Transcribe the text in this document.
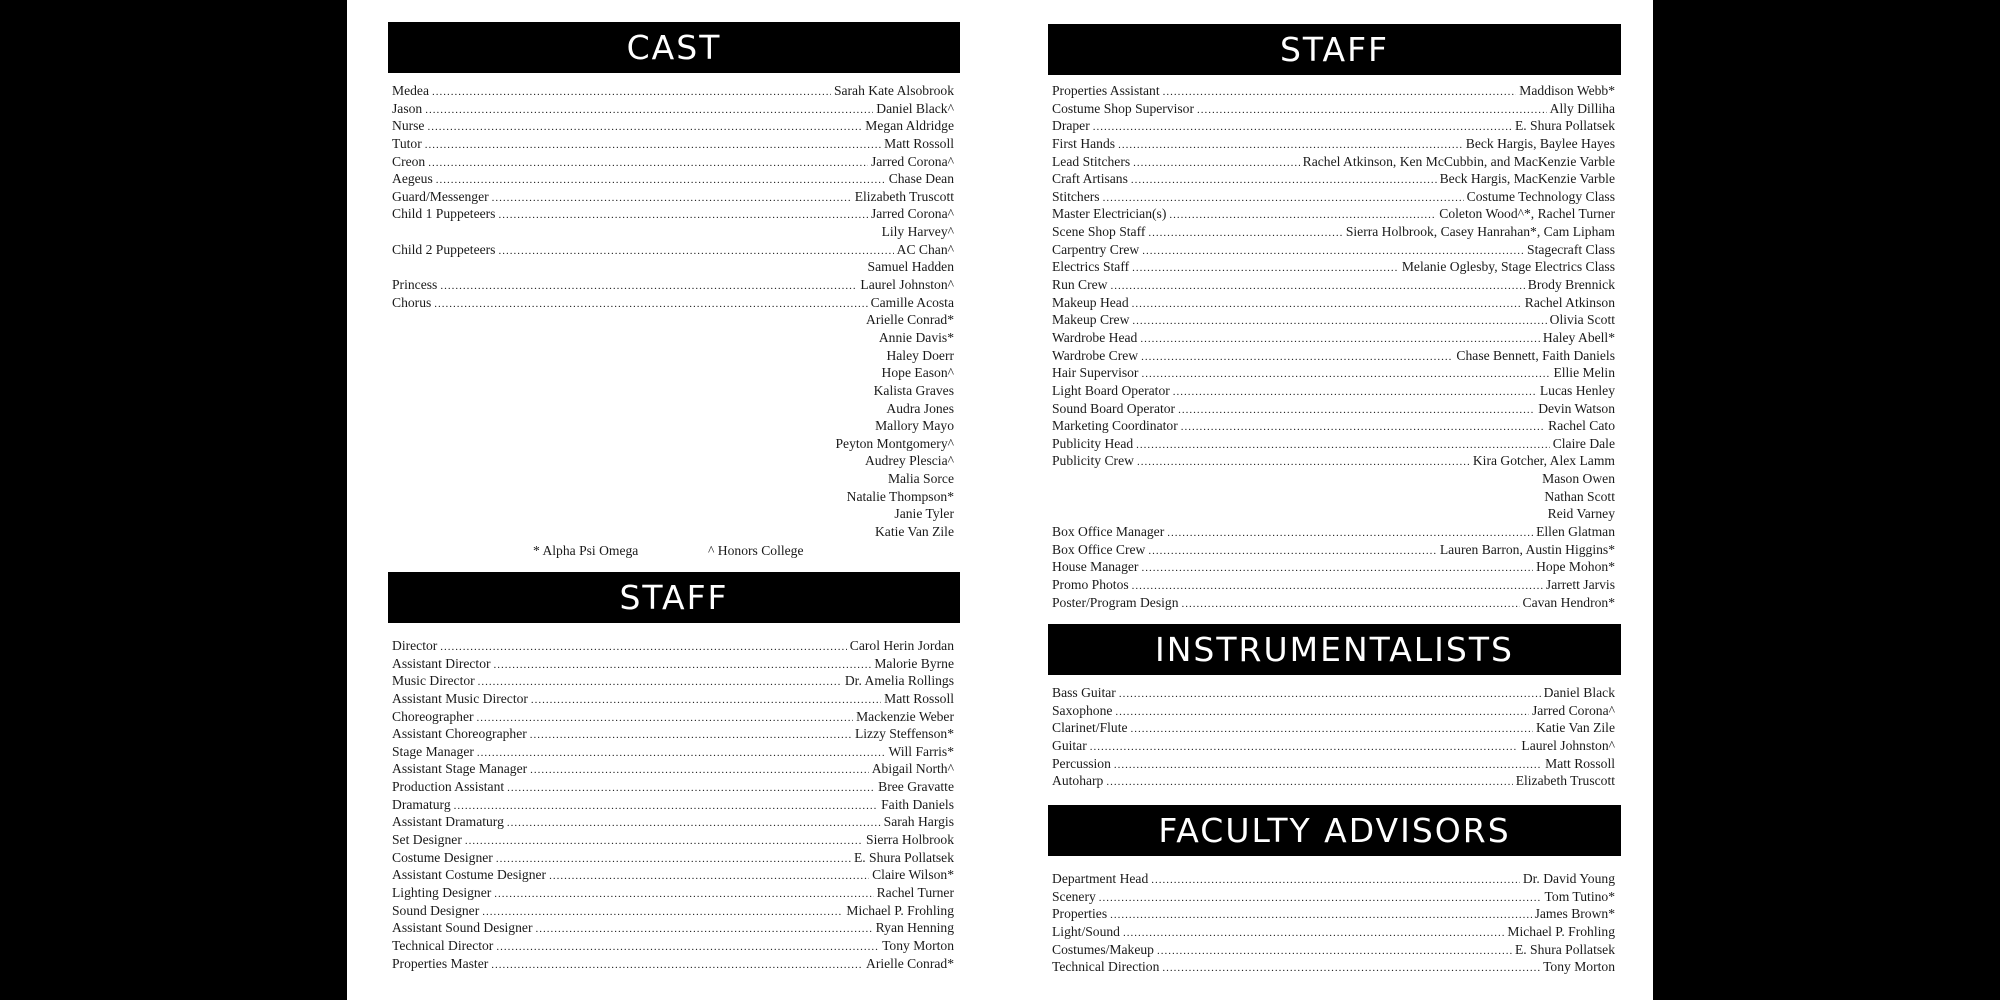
CAST
Medea .....	Sarah Kate Alsobrook
Jason .....	Daniel Black^
Nurse .....	Megan Aldridge
Tutor .....	Matt Rossoll
Creon .....	Jarred Corona^
Aegeus .....	Chase Dean
Guard/Messenger .....	Elizabeth Truscott
Child 1 Puppeteers .....	Jarred Corona^
Lily Harvey^
Child 2 Puppeteers .....	AC Chan^
Samuel Hadden
Princess .....	Laurel Johnston^
Chorus .....	Camille Acosta
Arielle Conrad*
Annie Davis*
Haley Doerr
Hope Eason^
Kalista Graves
Audra Jones
Mallory Mayo
Peyton Montgomery^
Audrey Plescia^
Malia Sorce
Natalie Thompson*
Janie Tyler
Katie Van Zile
* Alpha Psi Omega	^ Honors College
STAFF
Director .....	Carol Herin Jordan
Assistant Director .....	Malorie Byrne
Music Director .....	Dr. Amelia Rollings
Assistant Music Director .....	Matt Rossoll
Choreographer .....	Mackenzie Weber
Assistant Choreographer .....	Lizzy Steffenson*
Stage Manager .....	Will Farris*
Assistant Stage Manager .....	Abigail North^
Production Assistant .....	Bree Gravatte
Dramaturg .....	Faith Daniels
Assistant Dramaturg .....	Sarah Hargis
Set Designer .....	Sierra Holbrook
Costume Designer .....	E. Shura Pollatsek
Assistant Costume Designer .....	Claire Wilson*
Lighting Designer .....	Rachel Turner
Sound Designer .....	Michael P. Frohling
Assistant Sound Designer .....	Ryan Henning
Technical Director .....	Tony Morton
Properties Master .....	Arielle Conrad*
STAFF
Properties Assistant .....	Maddison Webb*
Costume Shop Supervisor .....	Ally Dilliha
Draper .....	E. Shura Pollatsek
First Hands .....	Beck Hargis, Baylee Hayes
Lead Stitchers .....	Rachel Atkinson, Ken McCubbin, and MacKenzie Varble
Craft Artisans .....	Beck Hargis, MacKenzie Varble
Stitchers .....	Costume Technology Class
Master Electrician(s) .....	Coleton Wood^*, Rachel Turner
Scene Shop Staff .....	Sierra Holbrook, Casey Hanrahan*, Cam Lipham
Carpentry Crew .....	Stagecraft Class
Electrics Staff .....	Melanie Oglesby, Stage Electrics Class
Run Crew .....	Brody Brennick
Makeup Head .....	Rachel Atkinson
Makeup Crew .....	Olivia Scott
Wardrobe Head .....	Haley Abell*
Wardrobe Crew .....	Chase Bennett, Faith Daniels
Hair Supervisor .....	Ellie Melin
Light Board Operator .....	Lucas Henley
Sound Board Operator .....	Devin Watson
Marketing Coordinator .....	Rachel Cato
Publicity Head .....	Claire Dale
Publicity Crew .....	Kira Gotcher, Alex Lamm
Mason Owen
Nathan Scott
Reid Varney
Box Office Manager .....	Ellen Glatman
Box Office Crew .....	Lauren Barron, Austin Higgins*
House Manager .....	Hope Mohon*
Promo Photos .....	Jarrett Jarvis
Poster/Program Design .....	Cavan Hendron*
INSTRUMENTALISTS
Bass Guitar .....	Daniel Black
Saxophone .....	Jarred Corona^
Clarinet/Flute .....	Katie Van Zile
Guitar .....	Laurel Johnston^
Percussion .....	Matt Rossoll
Autoharp .....	Elizabeth Truscott
FACULTY ADVISORS
Department Head .....	Dr. David Young
Scenery .....	Tom Tutino*
Properties .....	James Brown*
Light/Sound .....	Michael P. Frohling
Costumes/Makeup .....	E. Shura Pollatsek
Technical Direction .....	Tony Morton
